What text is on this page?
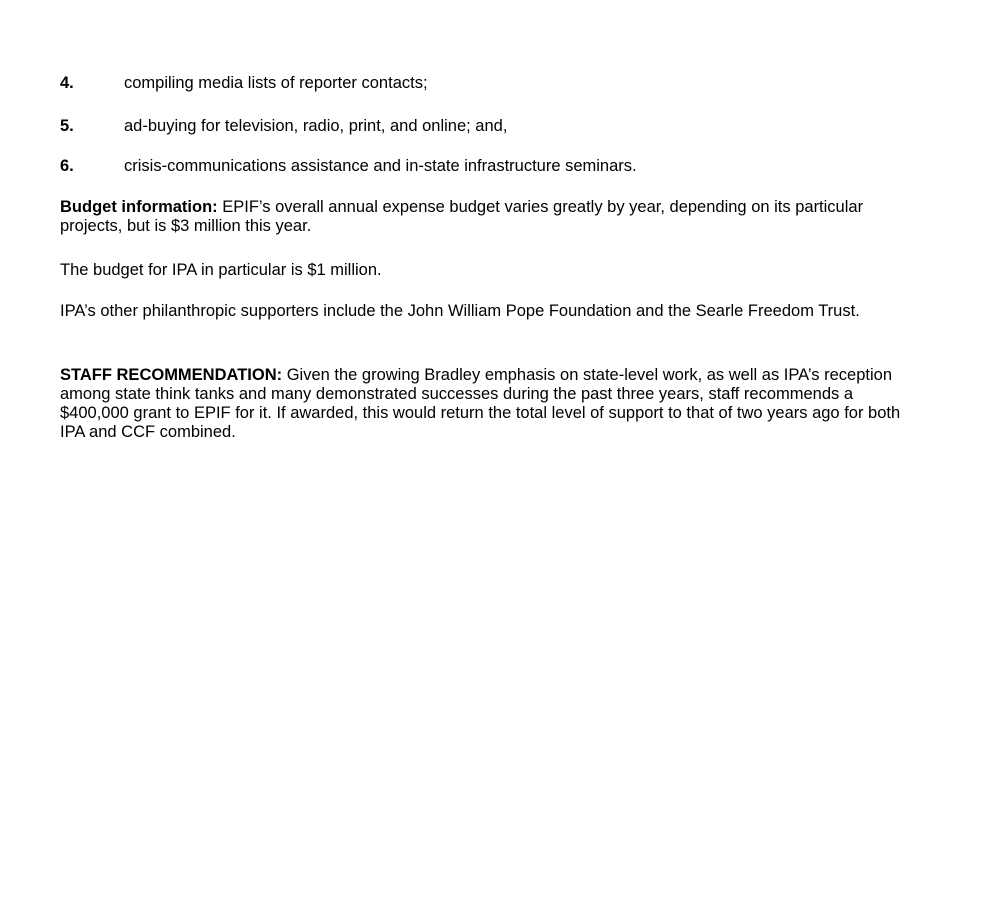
4.	compiling media lists of reporter contacts;
5.	ad-buying for television, radio, print, and online; and,
6.	crisis-communications assistance and in-state infrastructure seminars.
Budget information: EPIF’s overall annual expense budget varies greatly by year, depending on its particular projects, but is $3 million this year.
The budget for IPA in particular is $1 million.
IPA’s other philanthropic supporters include the John William Pope Foundation and the Searle Freedom Trust.
STAFF RECOMMENDATION: Given the growing Bradley emphasis on state-level work, as well as IPA’s reception among state think tanks and many demonstrated successes during the past three years, staff recommends a $400,000 grant to EPIF for it. If awarded, this would return the total level of support to that of two years ago for both IPA and CCF combined.
